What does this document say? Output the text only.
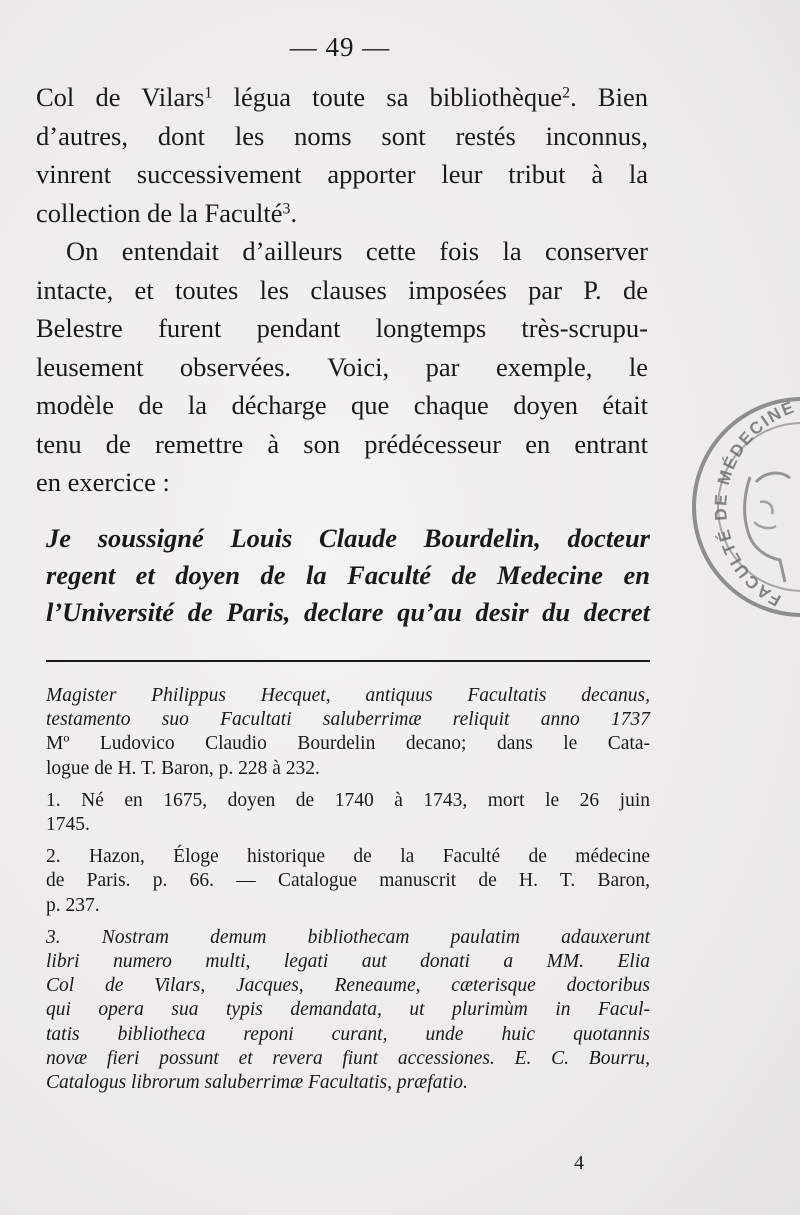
— 49 —
Col de Vilars$^1$ légua toute sa bibliothèque$^2$. Bien
d’autres, dont les noms sont restés inconnus,
vinrent successivement apporter leur tribut à la
collection de la Faculté$^3$.
On entendait d’ailleurs cette fois la conserver
intacte, et toutes les clauses imposées par P. de
Belestre furent pendant longtemps très-scrupu-
leusement observées. Voici, par exemple, le
modèle de la décharge que chaque doyen était
tenu de remettre à son prédécesseur en entrant
en exercice :
Je soussigné Louis Claude Bourdelin, docteur
regent et doyen de la Faculté de Medecine en
l’Université de Paris, declare qu’au desir du decret
Magister Philippus Hecquet, antiquus Facultatis decanus,
testamento suo Facultati saluberrimæ reliquit anno 1737
Mº Ludovico Claudio Bourdelin decano; dans le Cata-
logue de H. T. Baron, p. 228 à 232.
1. Né en 1675, doyen de 1740 à 1743, mort le 26 juin
1745.
2. Hazon, Éloge historique de la Faculté de médecine
de Paris. p. 66. — Catalogue manuscrit de H. T. Baron,
p. 237.
3. Nostram demum bibliothecam paulatim adauxerunt
libri numero multi, legati aut donati a MM. Elia
Col de Vilars, Jacques, Reneaume, cæterisque doctoribus
qui opera sua typis demandata, ut plurimùm in Facul-
tatis bibliotheca reponi curant, unde huic quotannis
novæ fieri possunt et revera fiunt accessiones. E. C. Bourru,
Catalogus librorum saluberrimæ Facultatis, præfatio.
4
FACULTÉ DE MÉDECINE
